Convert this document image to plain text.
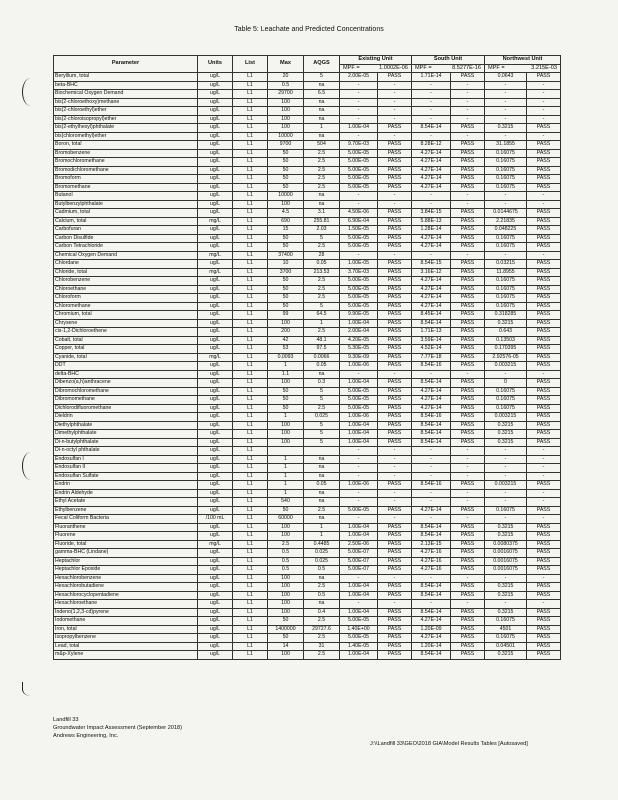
Table 5: Leachate and Predicted Concentrations
Parameter	Units	List	Max	AQGS	Existing Unit		South Unit		Northwest Unit	

					MPF = 1.0002E-06		MPF = 8.5277E-16		MPF = 3.215E-03	

Beryllium, total	ug/L	L1	20	5	2.00E-05	PASS	1.71E-14	PASS	0.0643	PASS
beta-BHC	ug/L	L1	0.5	na	-	-	-	-	-	-
Biochemical Oxygen Demand	ug/L	L1	29700	6.5	-	-	-	-	-	-
bis(2-chloroethoxy)methane	ug/L	L1	100	na	-	-	-	-	-	-
bis(2-chloroethyl)ether	ug/L	L1	100	na	-	-	-	-	-	-
bis(2-chloroisopropyl)ether	ug/L	L1	100	na	-	-	-	-	-	-
bis(2-ethylhexyl)phthalate	ug/L	L1	100	1	1.00E-04	PASS	8.54E-14	PASS	0.3215	PASS
bis(chloromethyl)ether	ug/L	L1	10000	na	-	-	-	-	-	-
Boron, total	ug/L	L1	9700	504	9.70E-03	PASS	8.28E-12	PASS	31.1855	PASS
Bromobenzene	ug/L	L1	50	2.5	5.00E-05	PASS	4.27E-14	PASS	0.16075	PASS
Bromochloromethane	ug/L	L1	50	2.5	5.00E-05	PASS	4.27E-14	PASS	0.16075	PASS
Bromodichloromethane	ug/L	L1	50	2.5	5.00E-05	PASS	4.27E-14	PASS	0.16075	PASS
Bromoform	ug/L	L1	50	2.5	5.00E-05	PASS	4.27E-14	PASS	0.16075	PASS
Bromomethane	ug/L	L1	50	2.5	5.00E-05	PASS	4.27E-14	PASS	0.16075	PASS
Butanol	ug/L	L1	10000	na	-	-	-	-	-	-
Butylbenzylphthalate	ug/L	L1	100	na	-	-	-	-	-	-
Cadmium, total	ug/L	L1	4.5	3.1	4.50E-06	PASS	3.84E-15	PASS	0.0144675	PASS
Calcium, total	mg/L	L1	690	255.81	6.90E-04	PASS	5.88E-13	PASS	2.21835	PASS
Carbofuran	ug/L	L1	15	2.03	1.50E-05	PASS	1.28E-14	PASS	0.048225	PASS
Carbon Disulfide	ug/L	L1	50	5	5.00E-05	PASS	4.27E-14	PASS	0.16075	PASS
Carbon Tetrachloride	ug/L	L1	50	2.5	5.00E-05	PASS	4.27E-14	PASS	0.16075	PASS
Chemical Oxygen Demand	mg/L	L1	37400	28	-	-	-	-	-	-
Chlordane	ug/L	L1	10	0.05	1.00E-05	PASS	8.54E-15	PASS	0.03215	PASS
Chloride, total	mg/L	L1	3700	213.53	3.70E-03	PASS	3.16E-12	PASS	11.8955	PASS
Chlorobenzene	ug/L	L1	50	2.5	5.00E-05	PASS	4.27E-14	PASS	0.16075	PASS
Chloroethane	ug/L	L1	50	2.5	5.00E-05	PASS	4.27E-14	PASS	0.16075	PASS
Chloroform	ug/L	L1	50	2.5	5.00E-05	PASS	4.27E-14	PASS	0.16075	PASS
Chloromethane	ug/L	L1	50	5	5.00E-05	PASS	4.27E-14	PASS	0.16075	PASS
Chromium, total	ug/L	L1	99	64.5	9.90E-05	PASS	8.45E-14	PASS	0.318285	PASS
Chrysene	ug/L	L1	100	1	1.00E-04	PASS	8.54E-14	PASS	0.3215	PASS
cis-1,2-Dichloroethene	ug/L	L1	200	2.5	2.00E-04	PASS	1.71E-13	PASS	0.643	PASS
Cobalt, total	ug/L	L1	42	48.1	4.20E-05	PASS	3.59E-14	PASS	0.13503	PASS
Copper, total	ug/L	L1	53	97.5	5.30E-05	PASS	4.52E-14	PASS	0.170395	PASS
Cyanide, total	mg/L	L1	0.0093	0.0066	9.30E-09	PASS	7.77E-18	PASS	2.92576-05	PASS
DDT	ug/L	L1	1	0.05	1.00E-06	PASS	8.54E-16	PASS	0.003215	PASS
delta-BHC	ug/L	L1	1.1	na	-	-	-	-	-	-
Dibenzo(a,h)anthracene	ug/L	L1	100	0.3	1.00E-04	PASS	8.54E-14	PASS	0	PASS
Dibromochloromethane	ug/L	L1	50	5	5.00E-05	PASS	4.27E-14	PASS	0.16075	PASS
Dibromomethane	ug/L	L1	50	5	5.00E-05	PASS	4.27E-14	PASS	0.16075	PASS
Dichlorodifluoromethane	ug/L	L1	50	2.5	5.00E-05	PASS	4.27E-14	PASS	0.16075	PASS
Dieldrin	ug/L	L1	1	0.025	1.00E-06	PASS	8.54E-16	PASS	0.003215	PASS
Diethylphthalate	ug/L	L1	100	5	1.00E-04	PASS	8.54E-14	PASS	0.3215	PASS
Dimethylphthalate	ug/L	L1	100	5	1.00E-04	PASS	8.54E-14	PASS	0.3215	PASS
Di-n-butylphthalate	ug/L	L1	100	5	1.00E-04	PASS	8.54E-14	PASS	0.3215	PASS
Di-n-octyl phthalate	ug/L	L1			-	-	-	-	-	-
Endosulfan I	ug/L	L1	1	na	-	-	-	-	-	-
Endosulfan II	ug/L	L1	1	na	-	-	-	-	-	-
Endosulfan Sulfate	ug/L	L1	1	na	-	-	-	-	-	-
Endrin	ug/L	L1	1	0.05	1.00E-06	PASS	8.54E-16	PASS	0.003215	PASS
Endrin Aldehyde	ug/L	L1	1	na	-	-	-	-	-	-
Ethyl Acetate	ug/L	L1	540	na	-	-	-	-	-	-
Ethylbenzene	ug/L	L1	50	2.5	5.00E-05	PASS	4.27E-14	PASS	0.16075	PASS
Fecal Coliform Bacteria	/100 mL	L1	60000	na	-	-	-	-	-	-
Fluoranthene	ug/L	L1	100	1	1.00E-04	PASS	8.54E-14	PASS	0.3215	PASS
Fluorene	ug/L	L1	100	1	1.00E-04	PASS	8.54E-14	PASS	0.3215	PASS
Fluoride, total	mg/L	L1	2.5	0.4485	2.50E-06	PASS	2.13E-15	PASS	0.0080375	PASS
gamma-BHC (Lindane)	ug/L	L1	0.5	0.025	5.00E-07	PASS	4.27E-16	PASS	0.0016075	PASS
Heptachlor	ug/L	L1	0.5	0.025	5.00E-07	PASS	4.27E-16	PASS	0.0016075	PASS
Heptachlor Epoxide	ug/L	L1	0.5	0.5	5.00E-07	PASS	4.27E-16	PASS	0.0016075	PASS
Hexachlorobenzene	ug/L	L1	100	na	-	-	-	-	-	-
Hexachlorobutadiene	ug/L	L1	100	2.5	1.00E-04	PASS	8.54E-14	PASS	0.3215	PASS
Hexachlorocyclopentadiene	ug/L	L1	100	0.5	1.00E-04	PASS	8.54E-14	PASS	0.3215	PASS
Hexachloroethane	ug/L	L1	100	na	-	-	-	-	-	-
Indeno(1,2,3-cd)pyrene	ug/L	L1	100	0.4	1.00E-04	PASS	8.54E-14	PASS	0.3215	PASS
Iodomethane	ug/L	L1	50	2.5	5.00E-05	PASS	4.27E-14	PASS	0.16075	PASS
Iron, total	ug/L	L1	1400000	29727.6	1.40E+00	PASS	1.20E-09	PASS	4501	PASS
Isopropylbenzene	ug/L	L1	50	2.5	5.00E-05	PASS	4.27E-14	PASS	0.16075	PASS
Lead, total	ug/L	L1	14	31	1.40E-05	PASS	1.20E-14	PASS	0.04501	PASS
m&p-Xylene	ug/L	L1	100	2.5	1.00E-04	PASS	8.54E-14	PASS	0.3215	PASS
Landfill 33
Groundwater Impact Assessment (September 2018)
Andrews Engineering, Inc.
J:\\Landfill 33\GEO\2018 GIA\Model Results Tables [Autosaved]
